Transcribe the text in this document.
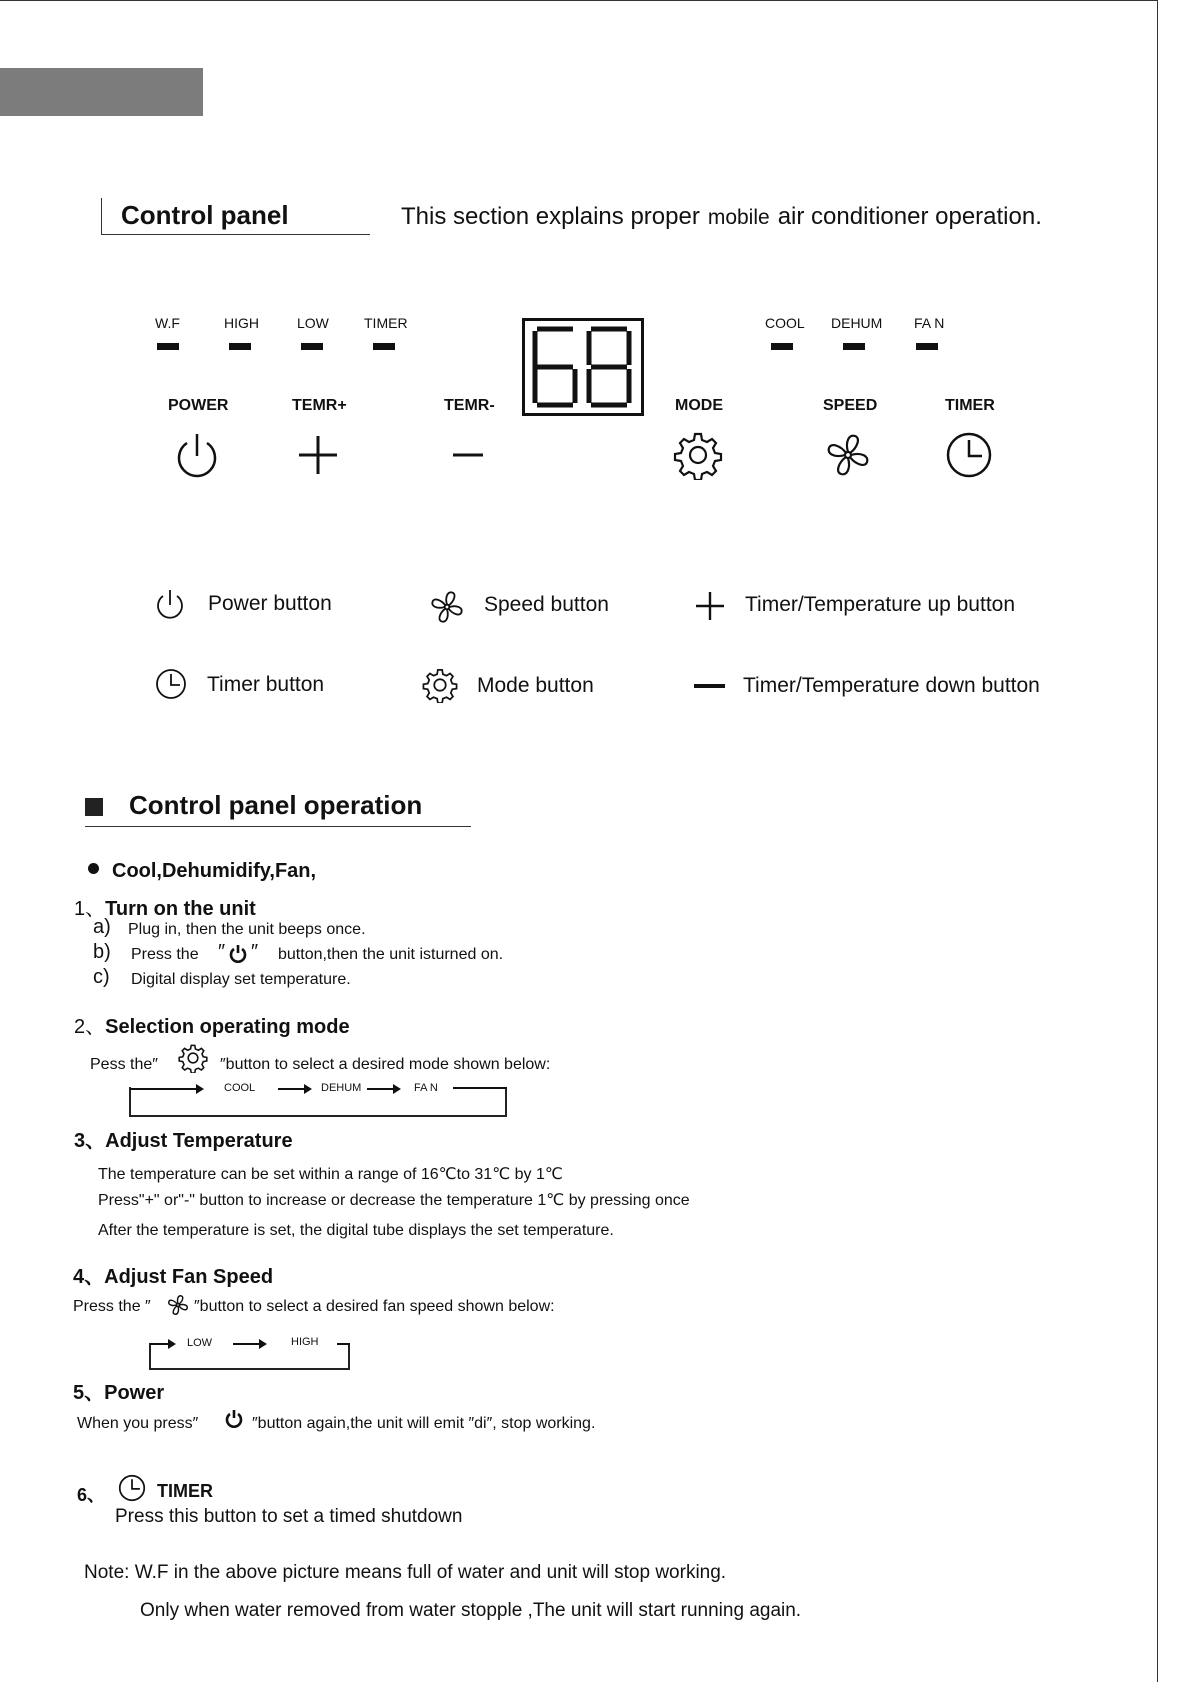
Control panel	This section explains proper mobile air conditioner operation.
W.F	HIGH	LOW	TIMER	COOL DEHUM FA N
POWER	TEMR+	TEMR-	MODE	SPEED	TIMER
Power button	Speed button	Timer/Temperature up button
Timer button	Mode button	Timer/Temperature down button
Control panel operation
Cool,Dehumidify,Fan,
1、Turn on the unit
a) Plug in, then the unit beeps once.
b) Press the ″ ″ button,then the unit isturned on.
c) Digital display set temperature.
2、Selection operating mode
Pess the″	″button to select a desired mode shown below:
COOL	DEHUM	FA N
3、Adjust Temperature
The temperature can be set within a range of 16℃to 31℃ by 1℃
Press"+" or"-" button to increase or decrease the temperature 1℃ by pressing once
After the temperature is set, the digital tube displays the set temperature.
4、Adjust Fan Speed
Press the ″	″button to select a desired fan speed shown below:
LOW	HIGH
5、Power
When you press″	″button again,the unit will emit ″di″, stop working.
6、	TIMER
Press this button to set a timed shutdown
Note: W.F in the above picture means full of water and unit will stop working.
Only when water removed from water stopple ,The unit will start running again.
